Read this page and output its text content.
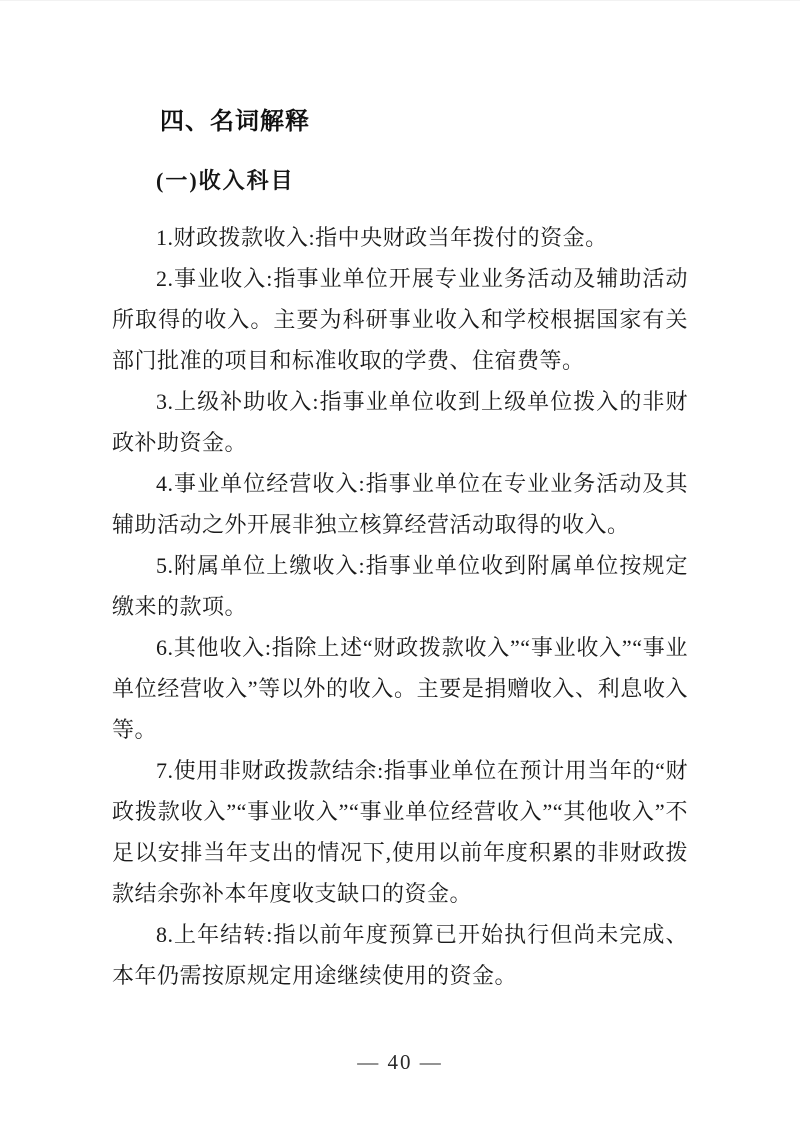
四、名词解释
(一)收入科目

1.财政拨款收入:指中央财政当年拨付的资金。

2.事业收入:指事业单位开展专业业务活动及辅助活动所取得的收入。主要为科研事业收入和学校根据国家有关部门批准的项目和标准收取的学费、住宿费等。

3.上级补助收入:指事业单位收到上级单位拨入的非财政补助资金。

4.事业单位经营收入:指事业单位在专业业务活动及其辅助活动之外开展非独立核算经营活动取得的收入。

5.附属单位上缴收入:指事业单位收到附属单位按规定缴来的款项。

6.其他收入:指除上述“财政拨款收入”“事业收入”“事业单位经营收入”等以外的收入。主要是捐赠收入、利息收入等。

7.使用非财政拨款结余:指事业单位在预计用当年的“财政拨款收入”“事业收入”“事业单位经营收入”“其他收入”不足以安排当年支出的情况下,使用以前年度积累的非财政拨款结余弥补本年度收支缺口的资金。

8.上年结转:指以前年度预算已开始执行但尚未完成、本年仍需按原规定用途继续使用的资金。

— 40 —
